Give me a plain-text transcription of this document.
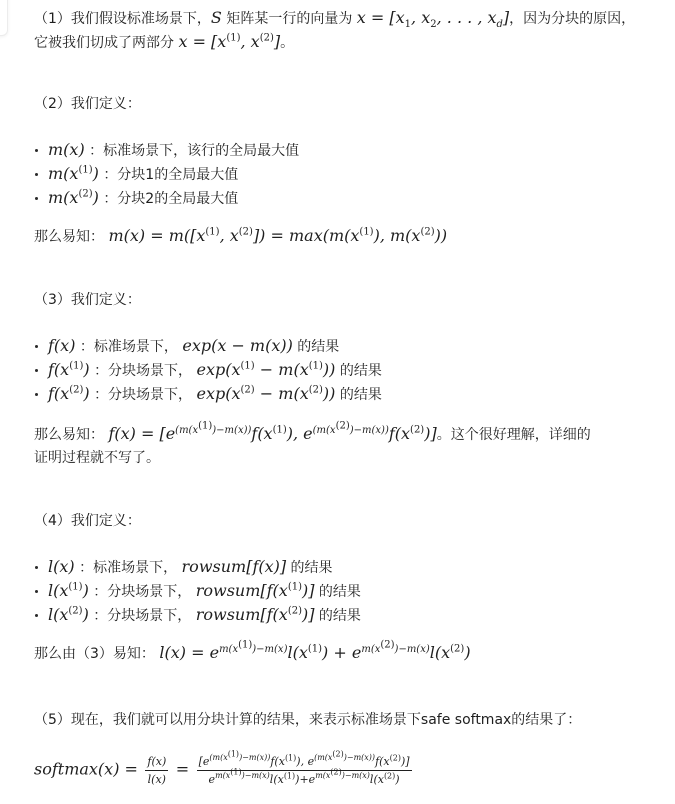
（1）我们假设标准场景下，S 矩阵某一行的向量为 $x = [x_1$, $x_2$, . . . , $x_d$]，因为分块的原因，
它被我们切成了两部分 $x = [x^{(1)}$, $x^{(2)}$]。
（2）我们定义：
m(x) ：标准场景下，该行的全局最大值
$m(x^{(1)})$ ：分块1的全局最大值
$m(x^{(2)})$ ：分块2的全局最大值
那么易知： $m(x) = m([x^{(1)}$, $x^{(2)}]) = \max(m(x^{(1)})$, $m(x^{(2)})$)
（3）我们定义：
f(x) ：标准场景下， exp(x − m(x)) 的结果
$f(x^{(1)})$ ：分块场景下， $\exp(x^{(1)} - m(x^{(1)}))$ 的结果
$f(x^{(2)})$ ：分块场景下， $\exp(x^{(2)} - m(x^{(2)}))$ 的结果
那么易知： $f(x) = [e^{(m(x^{(1)})-m(x))}f(x^{(1)})$, $e^{(m(x^{(2)})-m(x))}f(x^{(2)})$]。这个很好理解，详细的
证明过程就不写了。
（4）我们定义：
l(x) ：标准场景下， rowsum[f(x)] 的结果
$l(x^{(1)})$ ：分块场景下， $rowsum[f(x^{(1)})]$ 的结果
$l(x^{(2)})$ ：分块场景下， $rowsum[f(x^{(2)})]$ 的结果
那么由（3）易知： $l(x) = e^{m(x^{(1)})-m(x)}l(x^{(1)}) + e^{m(x^{(2)})-m(x)}l(x^{(2)})$
（5）现在，我们就可以用分块计算的结果，来表示标准场景下safe softmax的结果了：
softmax(x) = $\frac{f(x)}{l(x)} = \frac{[e^{(m(x^{(1)})-m(x))}f(x^{(1)}), e^{(m(x^{(2)})-m(x))}f(x^{(2)})]}{e^{m(x^{(1)})-m(x)}l(x^{(1)})+e^{m(x^{(2)})-m(x)}l(x^{(2)})}$
